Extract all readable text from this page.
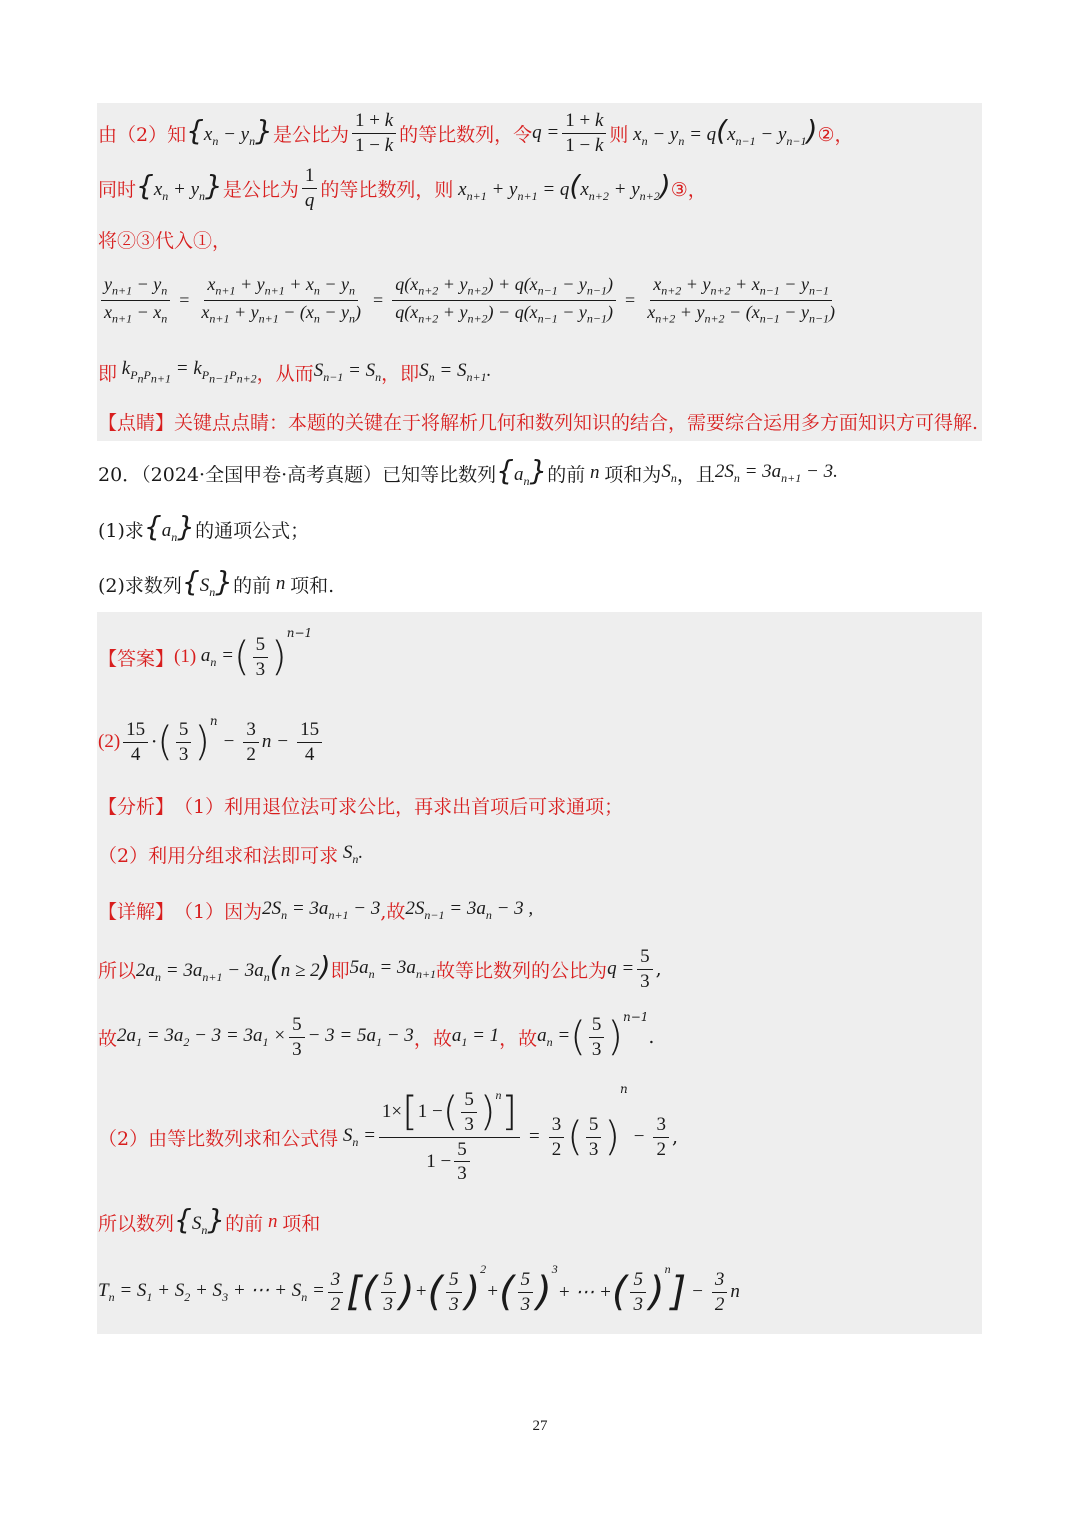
由（2）知 $\{x_n - y_n\}$ 是公比为 $\frac{1 + k}{1 - k}$ 的等比数列，令 $q = \frac{1 + k}{1 - k}$ 则 $x_n - y_n = q(x_{n-1} - y_{n-1})$ ②，
同时 $\{x_n + y_n\}$ 是公比为 $\frac{1}{q}$ 的等比数列，则 $x_{n+1} + y_{n+1} = q(x_{n+2} + y_{n+2})$ ③，
将②③代入①，
$\frac{y_{n+1} - y_n}{x_{n+1} - x_n} = \frac{x_{n+1} + y_{n+1} + x_n - y_n}{x_{n+1} + y_{n+1} - (x_n - y_n)} = \frac{q(x_{n+2} + y_{n+2}) + q(x_{n-1} - y_{n-1})}{q(x_{n+2} + y_{n+2}) - q(x_{n-1} - y_{n-1})} = \frac{x_{n+2} + y_{n+2} + x_{n-1} - y_{n-1}}{x_{n+2} + y_{n+2} - (x_{n-1} - y_{n-1})}$
即 $k_{P_nP_{n+1}} = k_{P_{n-1}P_{n+2}}$ ，从而 $S_{n-1} = S_n$ ，即 $S_n = S_{n+1}$.
【点睛】 关键点点睛：本题的关键在于将解析几何和数列知识的结合，需要综合运用多方面知识方可得解.
20．（2024·全国甲卷·高考真题）已知等比数列 $\{a_n\}$ 的前 n 项和为 $S_n$ ，且 $2S_n = 3a_{n+1} - 3$.
(1)求 $\{a_n\}$ 的通项公式；
(2)求数列 $\{S_n\}$ 的前 n 项和.
【答案】 (1) $a_n$ = ( $\frac{5}{3}$ )
$^{n-1}$
$(2) \frac{15}{4}$ · ( $\frac{5}{3} )^n$
− $\frac{3}{2}$ $n - \frac{15}{4}$
【分析】 （1）利用退位法可求公比，再求出首项后可求通项；
（2）利用分组求和法即可求 $S_n$.
【详解】 （1）因为 $2S_n = 3a_{n+1} - 3$ ,故 $2S_{n-1} = 3a_n - 3$ ,
所以 $2a_n = 3a_{n+1} - 3a_n(n \ge 2)$ 即 $5a_n = 3a_{n+1}$ 故等比数列的公比为 $q = \frac{5}{3}$ ,
故 $2a_1 = 3a_2 - 3 = 3a_1 \times \frac{5}{3} - 3 = 5a_1 - 3$ ，故 $a_1 = 1$ ，故 $a_n$ = ( $\frac{5}{3} )^{n-1}$
.
（2）由等比数列求和公式得 $S_n = \frac{1\times [ 1 - ( \frac{5}{3} )^n ]}{1 - \frac{5}{3}} = \frac{3}{2}$ ( $\frac{5}{3}$ )
n
− $\frac{3}{2}$ ,
所以数列 $\{S_n\}$ 的前 n 项和
$T_n = S_1 + S_2 + S_3$ + ⋯ + $S_n = \frac{3}{2}$ [ ( $\frac{5}{3}$ ) + ( $\frac{5}{3} )^2$
+ ( $\frac{5}{3} )^3$
+ ⋯ + ( $\frac{5}{3} )^n$ ] − $\frac{3}{2}$ n
27
